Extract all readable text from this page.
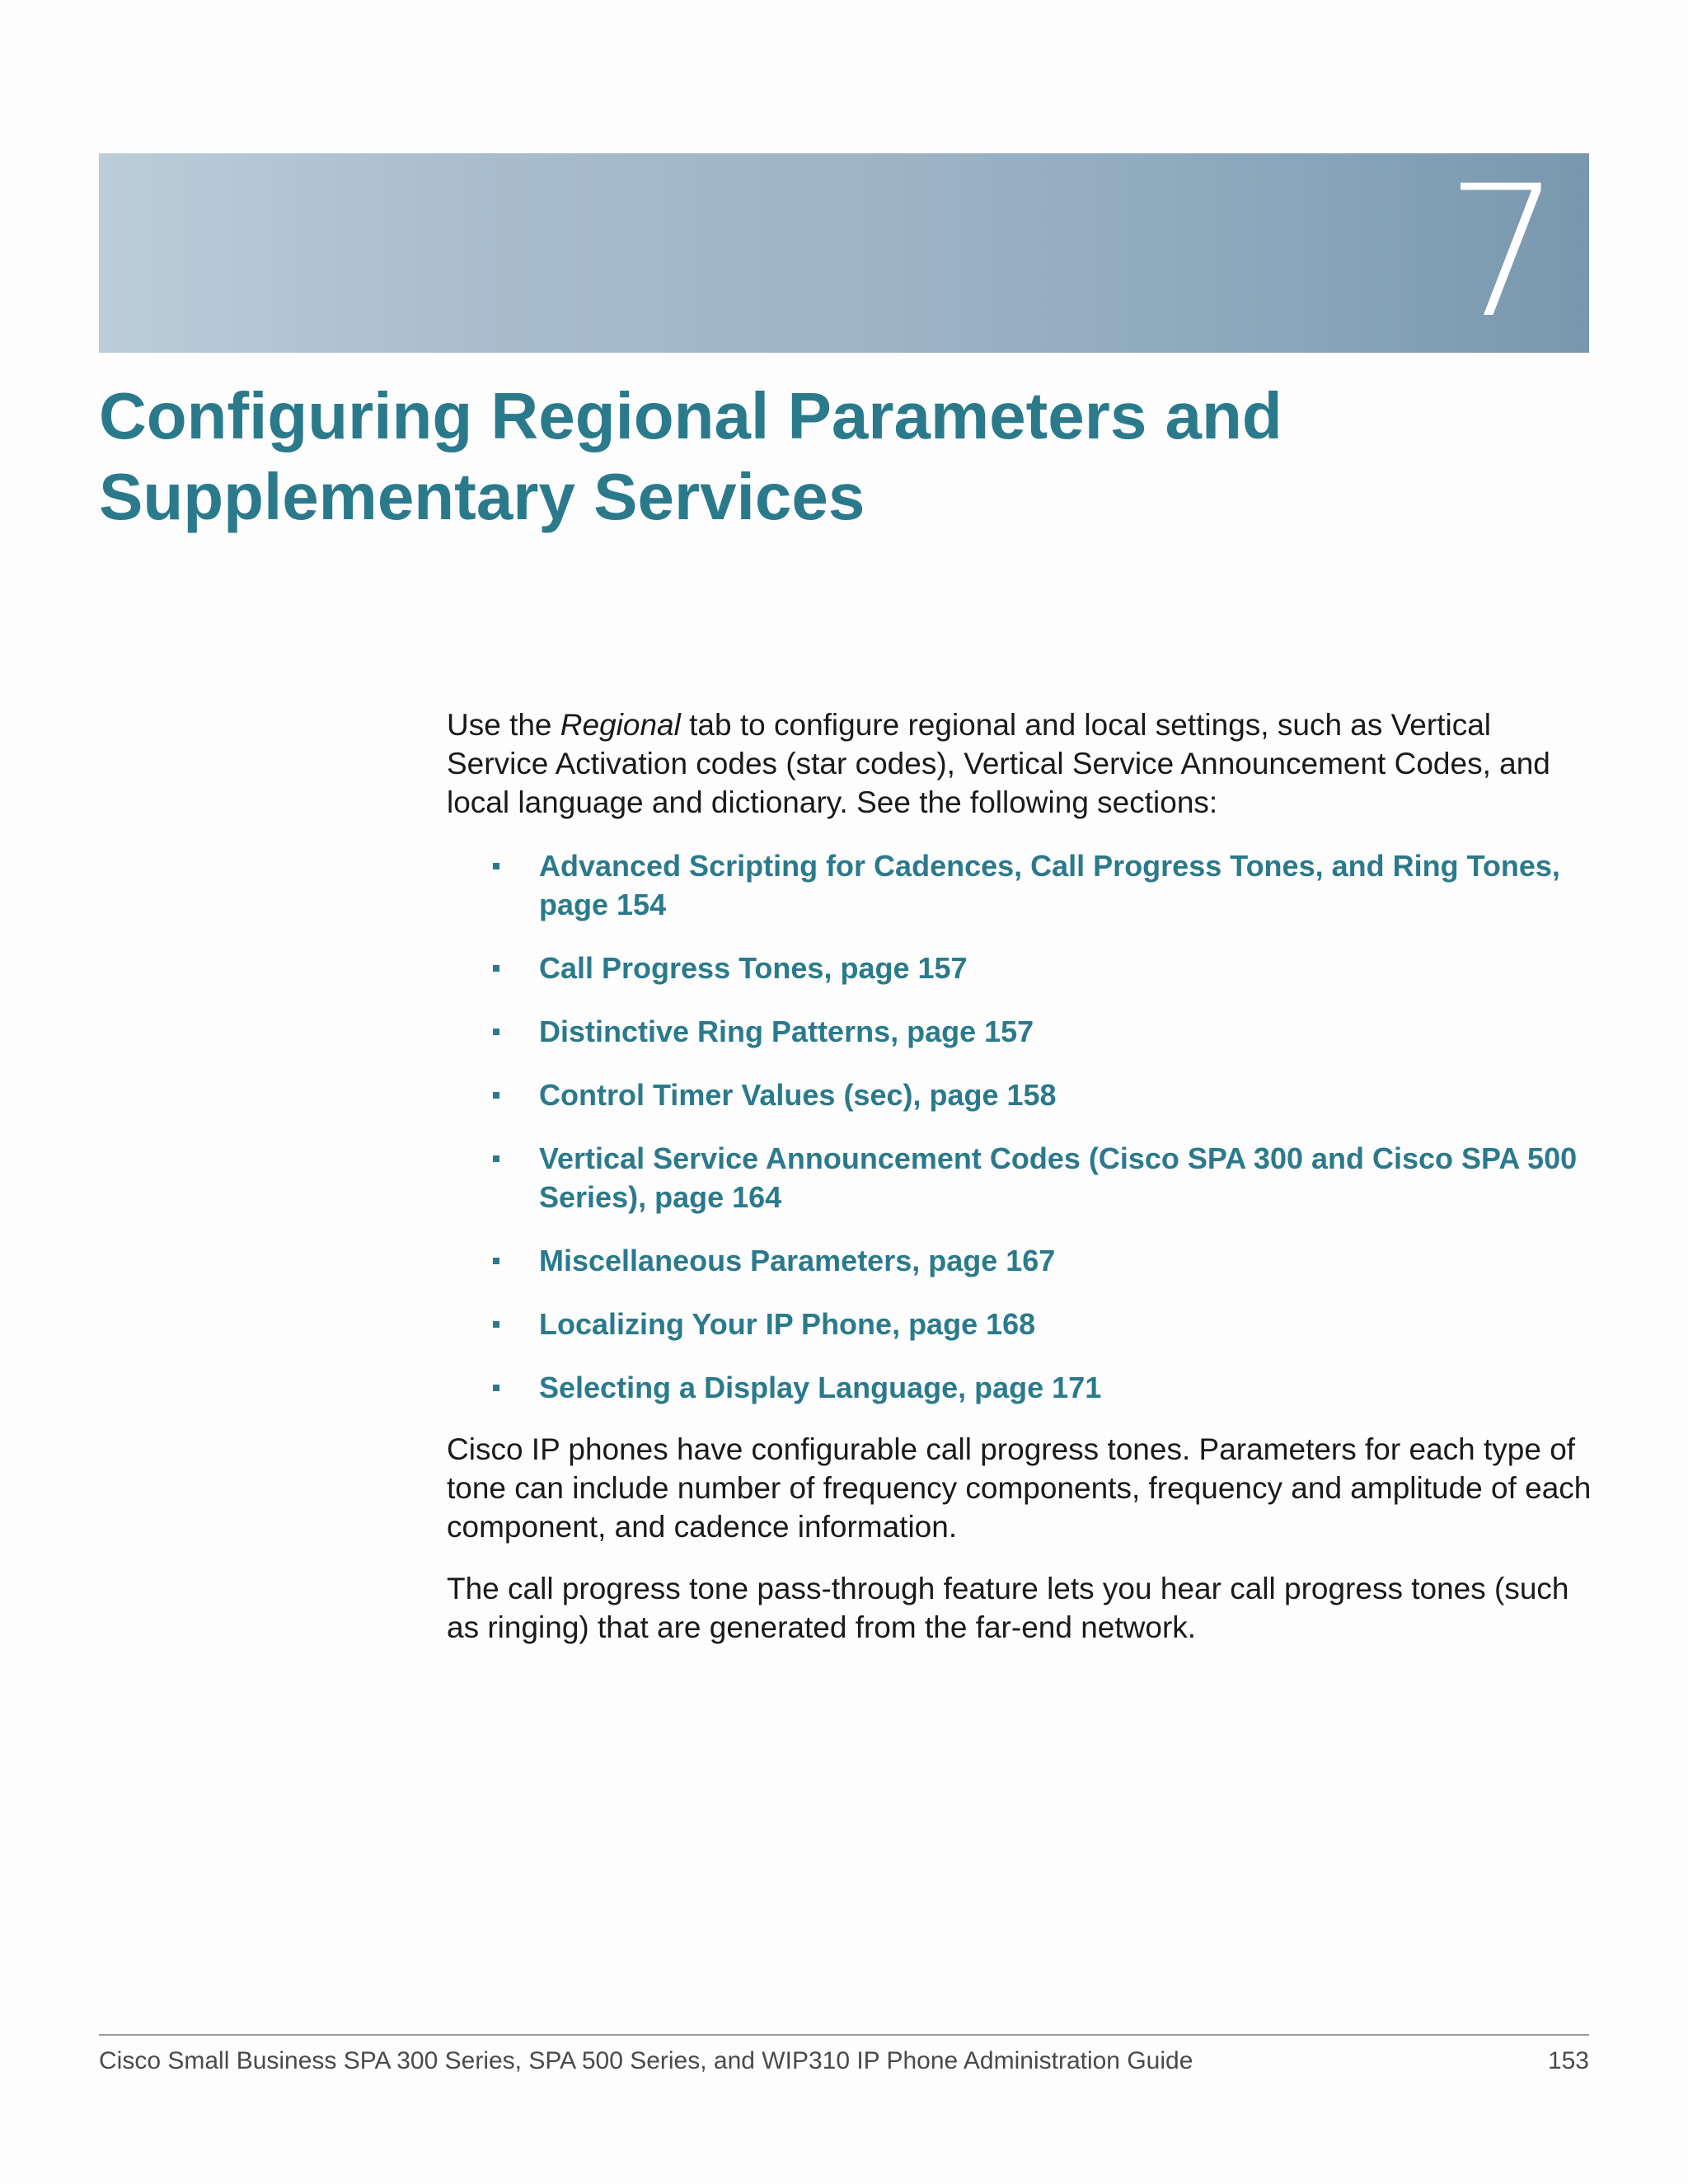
7
Configuring Regional Parameters and
Supplementary Services

Use the Regional tab to configure regional and local settings, such as Vertical Service Activation codes (star codes), Vertical Service Announcement Codes, and local language and dictionary. See the following sections:

Advanced Scripting for Cadences, Call Progress Tones, and Ring Tones, page 154
Call Progress Tones, page 157
Distinctive Ring Patterns, page 157
Control Timer Values (sec), page 158
Vertical Service Announcement Codes (Cisco SPA 300 and Cisco SPA 500 Series), page 164
Miscellaneous Parameters, page 167
Localizing Your IP Phone, page 168
Selecting a Display Language, page 171

Cisco IP phones have configurable call progress tones. Parameters for each type of tone can include number of frequency components, frequency and amplitude of each component, and cadence information.

The call progress tone pass-through feature lets you hear call progress tones (such as ringing) that are generated from the far-end network.

Cisco Small Business SPA 300 Series, SPA 500 Series, and WIP310 IP Phone Administration Guide	153
